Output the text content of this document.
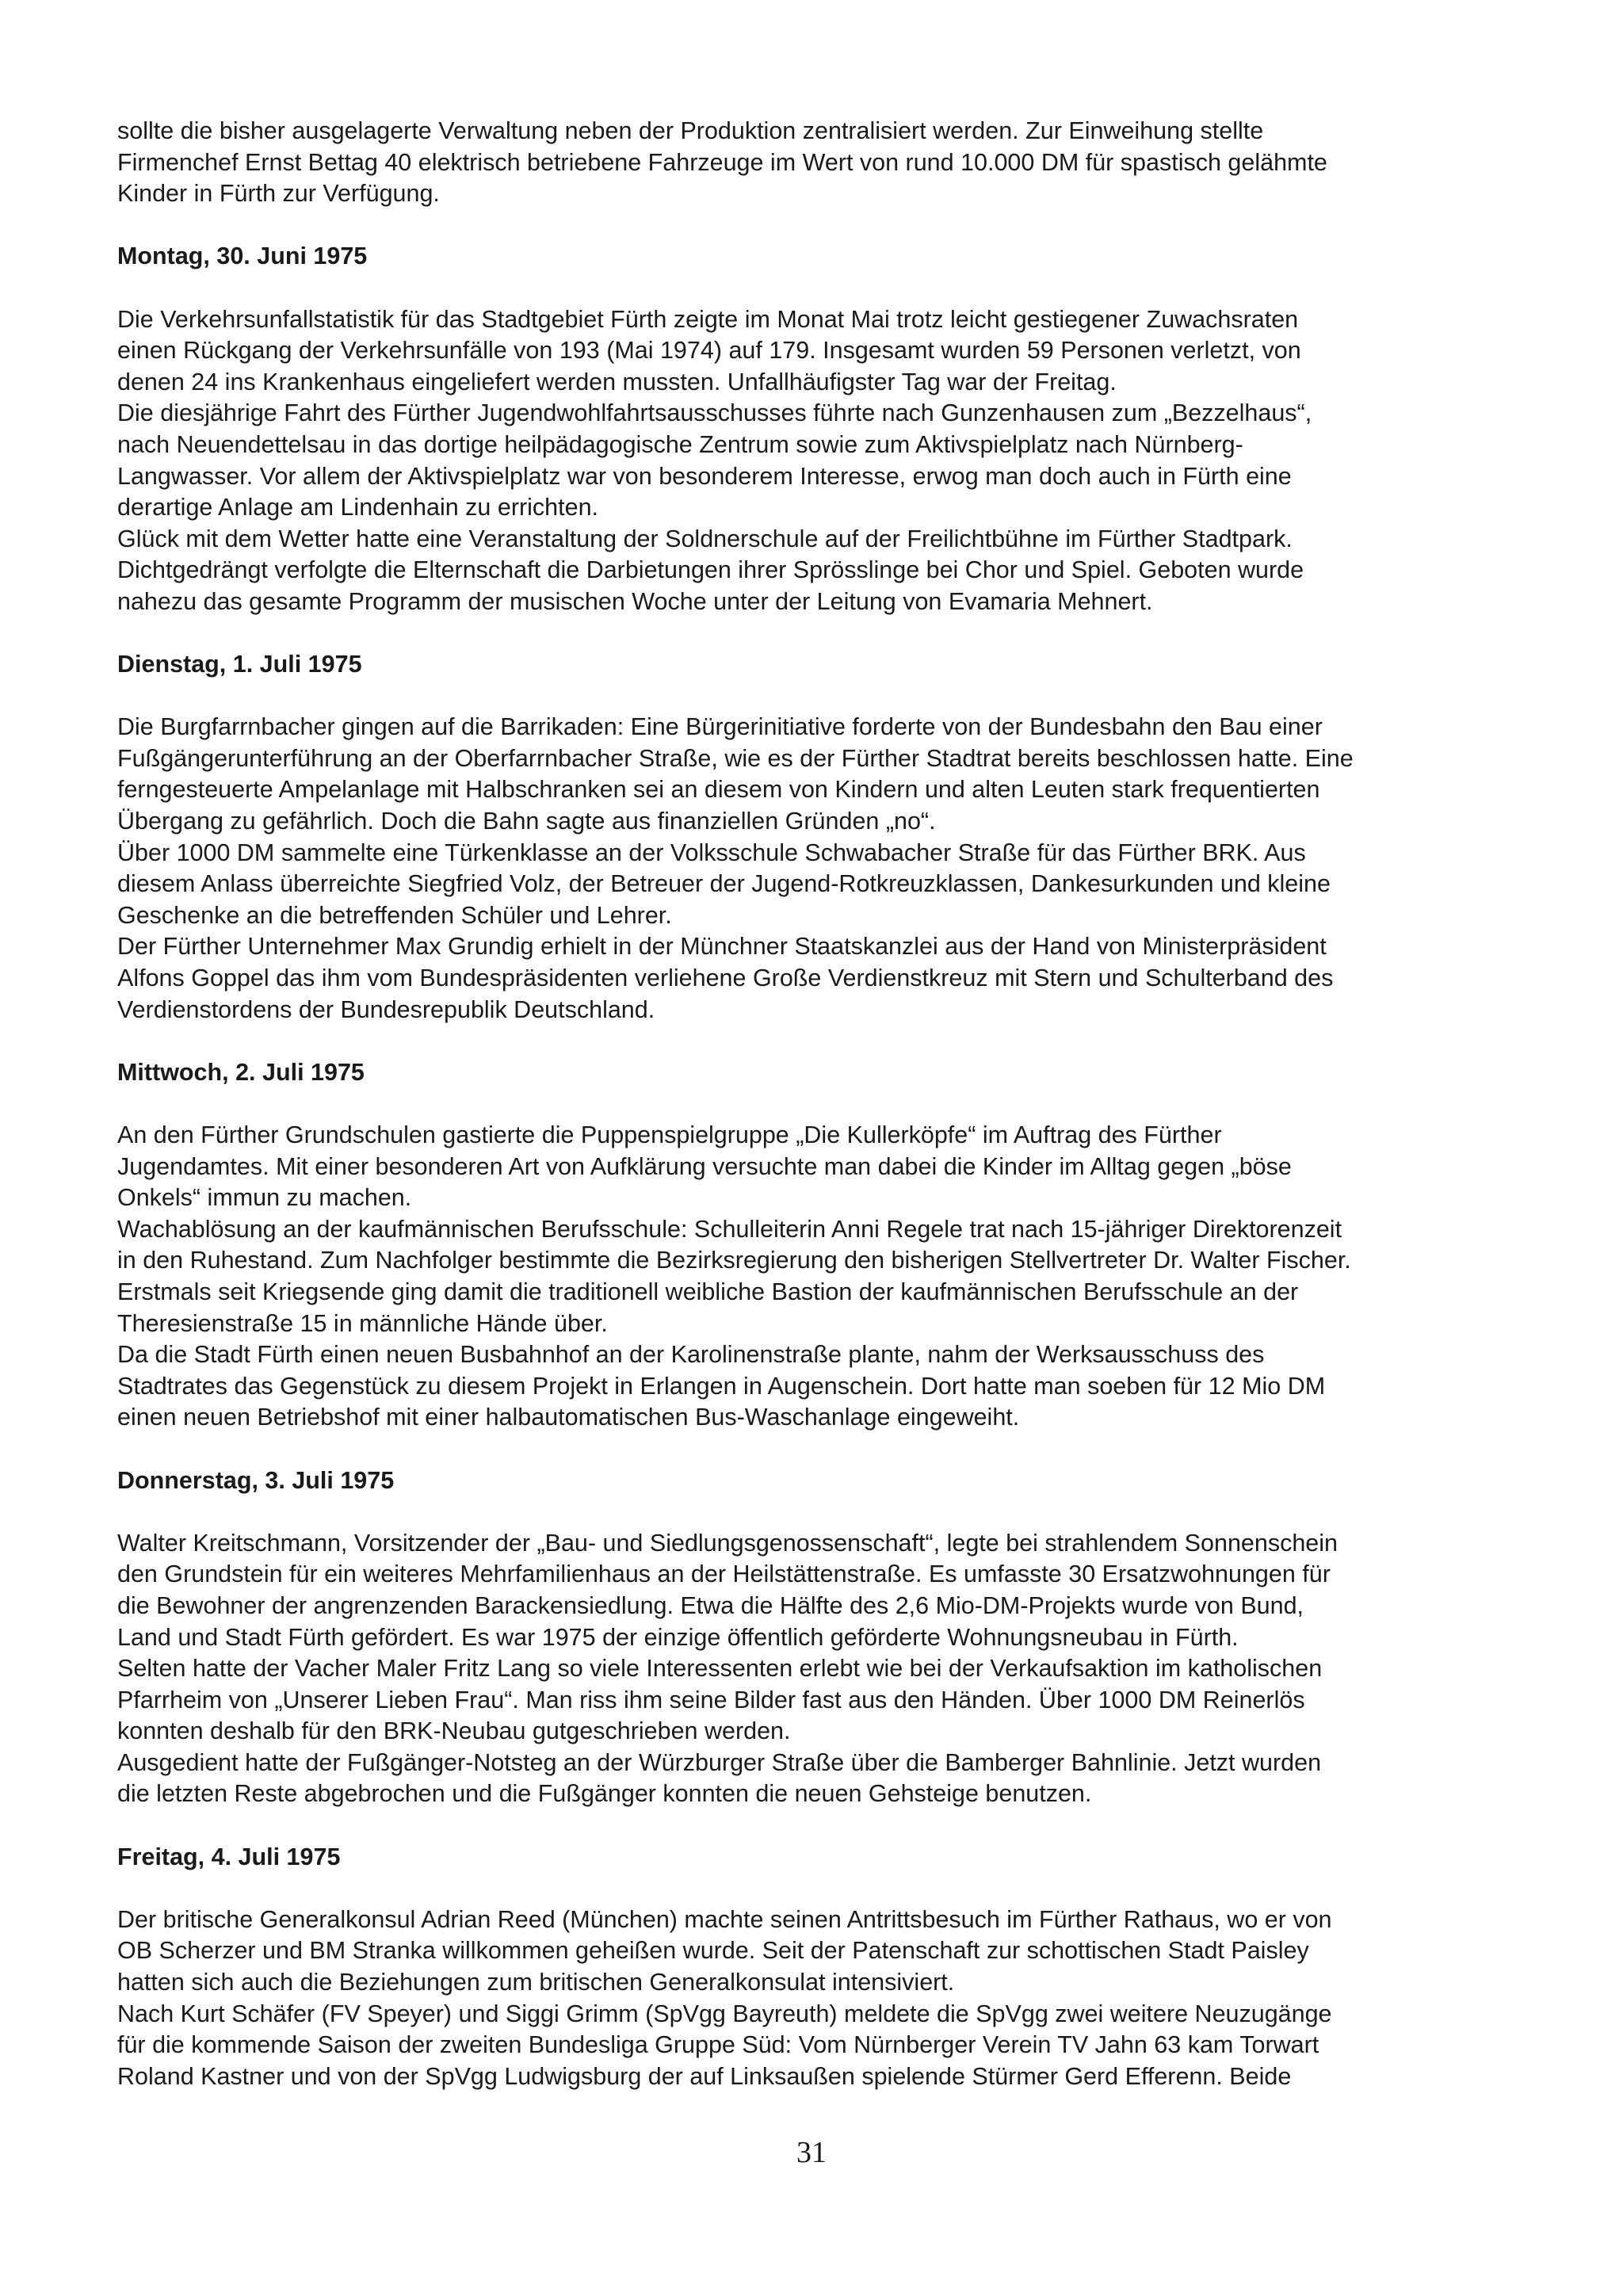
sollte die bisher ausgelagerte Verwaltung neben der Produktion zentralisiert werden. Zur Einweihung stellte

Firmenchef Ernst Bettag 40 elektrisch betriebene Fahrzeuge im Wert von rund 10.000 DM für spastisch gelähmte

Kinder in Fürth zur Verfügung.

Montag, 30. Juni 1975

Die Verkehrsunfallstatistik für das Stadtgebiet Fürth zeigte im Monat Mai trotz leicht gestiegener Zuwachsraten

einen Rückgang der Verkehrsunfälle von 193 (Mai 1974) auf 179. Insgesamt wurden 59 Personen verletzt, von

denen 24 ins Krankenhaus eingeliefert werden mussten. Unfallhäufigster Tag war der Freitag.

Die diesjährige Fahrt des Fürther Jugendwohlfahrtsausschusses führte nach Gunzenhausen zum „Bezzelhaus“,

nach Neuendettelsau in das dortige heilpädagogische Zentrum sowie zum Aktivspielplatz nach Nürnberg-

Langwasser. Vor allem der Aktivspielplatz war von besonderem Interesse, erwog man doch auch in Fürth eine

derartige Anlage am Lindenhain zu errichten.

Glück mit dem Wetter hatte eine Veranstaltung der Soldnerschule auf der Freilichtbühne im Fürther Stadtpark.

Dichtgedrängt verfolgte die Elternschaft die Darbietungen ihrer Sprösslinge bei Chor und Spiel. Geboten wurde

nahezu das gesamte Programm der musischen Woche unter der Leitung von Evamaria Mehnert.

Dienstag, 1. Juli 1975

Die Burgfarrnbacher gingen auf die Barrikaden: Eine Bürgerinitiative forderte von der Bundesbahn den Bau einer

Fußgängerunterführung an der Oberfarrnbacher Straße, wie es der Fürther Stadtrat bereits beschlossen hatte. Eine

ferngesteuerte Ampelanlage mit Halbschranken sei an diesem von Kindern und alten Leuten stark frequentierten

Übergang zu gefährlich. Doch die Bahn sagte aus finanziellen Gründen „no“.

Über 1000 DM sammelte eine Türkenklasse an der Volksschule Schwabacher Straße für das Fürther BRK. Aus

diesem Anlass überreichte Siegfried Volz, der Betreuer der Jugend-Rotkreuzklassen, Dankesurkunden und kleine

Geschenke an die betreffenden Schüler und Lehrer.

Der Fürther Unternehmer Max Grundig erhielt in der Münchner Staatskanzlei aus der Hand von Ministerpräsident

Alfons Goppel das ihm vom Bundespräsidenten verliehene Große Verdienstkreuz mit Stern und Schulterband des

Verdienstordens der Bundesrepublik Deutschland.

Mittwoch, 2. Juli 1975

An den Fürther Grundschulen gastierte die Puppenspielgruppe „Die Kullerköpfe“ im Auftrag des Fürther

Jugendamtes. Mit einer besonderen Art von Aufklärung versuchte man dabei die Kinder im Alltag gegen „böse

Onkels“ immun zu machen.

Wachablösung an der kaufmännischen Berufsschule: Schulleiterin Anni Regele trat nach 15-jähriger Direktorenzeit

in den Ruhestand. Zum Nachfolger bestimmte die Bezirksregierung den bisherigen Stellvertreter Dr. Walter Fischer.

Erstmals seit Kriegsende ging damit die traditionell weibliche Bastion der kaufmännischen Berufsschule an der

Theresienstraße 15 in männliche Hände über.

Da die Stadt Fürth einen neuen Busbahnhof an der Karolinenstraße plante, nahm der Werksausschuss des

Stadtrates das Gegenstück zu diesem Projekt in Erlangen in Augenschein. Dort hatte man soeben für 12 Mio DM

einen neuen Betriebshof mit einer halbautomatischen Bus-Waschanlage eingeweiht.

Donnerstag, 3. Juli 1975

Walter Kreitschmann, Vorsitzender der „Bau- und Siedlungsgenossenschaft“, legte bei strahlendem Sonnenschein

den Grundstein für ein weiteres Mehrfamilienhaus an der Heilstättenstraße. Es umfasste 30 Ersatzwohnungen für

die Bewohner der angrenzenden Barackensiedlung. Etwa die Hälfte des 2,6 Mio-DM-Projekts wurde von Bund,

Land und Stadt Fürth gefördert. Es war 1975 der einzige öffentlich geförderte Wohnungsneubau in Fürth.

Selten hatte der Vacher Maler Fritz Lang so viele Interessenten erlebt wie bei der Verkaufsaktion im katholischen

Pfarrheim von „Unserer Lieben Frau“. Man riss ihm seine Bilder fast aus den Händen. Über 1000 DM Reinerlös

konnten deshalb für den BRK-Neubau gutgeschrieben werden.

Ausgedient hatte der Fußgänger-Notsteg an der Würzburger Straße über die Bamberger Bahnlinie. Jetzt wurden

die letzten Reste abgebrochen und die Fußgänger konnten die neuen Gehsteige benutzen.

Freitag, 4. Juli 1975

Der britische Generalkonsul Adrian Reed (München) machte seinen Antrittsbesuch im Fürther Rathaus, wo er von

OB Scherzer und BM Stranka willkommen geheißen wurde. Seit der Patenschaft zur schottischen Stadt Paisley

hatten sich auch die Beziehungen zum britischen Generalkonsulat intensiviert.

Nach Kurt Schäfer (FV Speyer) und Siggi Grimm (SpVgg Bayreuth) meldete die SpVgg zwei weitere Neuzugänge

für die kommende Saison der zweiten Bundesliga Gruppe Süd: Vom Nürnberger Verein TV Jahn 63 kam Torwart

Roland Kastner und von der SpVgg Ludwigsburg der auf Linksaußen spielende Stürmer Gerd Efferenn. Beide

31
